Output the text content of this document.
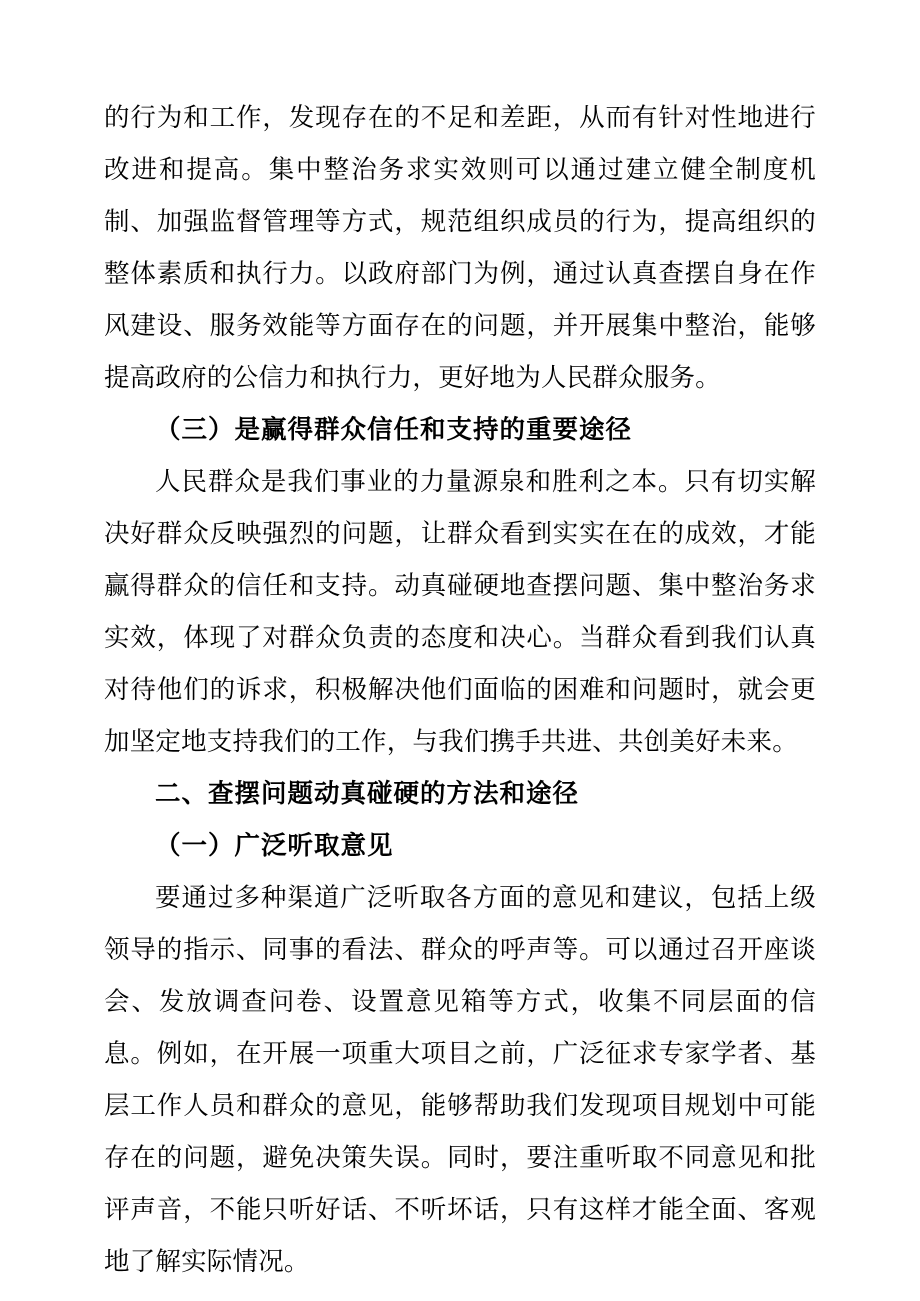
的行为和工作，发现存在的不足和差距，从而有针对性地进行改进和提高。集中整治务求实效则可以通过建立健全制度机制、加强监督管理等方式，规范组织成员的行为，提高组织的整体素质和执行力。以政府部门为例，通过认真查摆自身在作风建设、服务效能等方面存在的问题，并开展集中整治，能够提高政府的公信力和执行力，更好地为人民群众服务。

（三）是赢得群众信任和支持的重要途径

人民群众是我们事业的力量源泉和胜利之本。只有切实解决好群众反映强烈的问题，让群众看到实实在在的成效，才能赢得群众的信任和支持。动真碰硬地查摆问题、集中整治务求实效，体现了对群众负责的态度和决心。当群众看到我们认真对待他们的诉求，积极解决他们面临的困难和问题时，就会更加坚定地支持我们的工作，与我们携手共进、共创美好未来。

二、查摆问题动真碰硬的方法和途径

（一）广泛听取意见

要通过多种渠道广泛听取各方面的意见和建议，包括上级领导的指示、同事的看法、群众的呼声等。可以通过召开座谈会、发放调查问卷、设置意见箱等方式，收集不同层面的信息。例如，在开展一项重大项目之前，广泛征求专家学者、基层工作人员和群众的意见，能够帮助我们发现项目规划中可能存在的问题，避免决策失误。同时，要注重听取不同意见和批评声音，不能只听好话、不听坏话，只有这样才能全面、客观地了解实际情况。
